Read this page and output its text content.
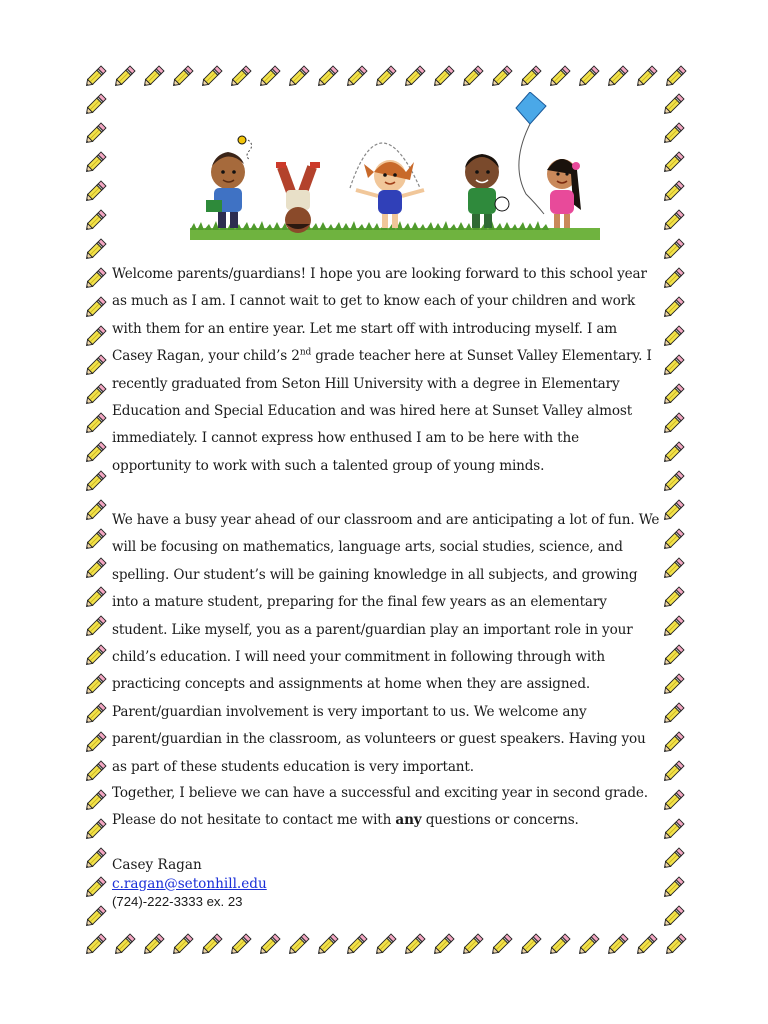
Welcome parents/guardians! I hope you are looking forward to this school year as much as I am. I cannot wait to get to know each of your children and work with them for an entire year. Let me start off with introducing myself. I am Casey Ragan, your child’s 2nd grade teacher here at Sunset Valley Elementary. I recently graduated from Seton Hill University with a degree in Elementary Education and Special Education and was hired here at Sunset Valley almost immediately. I cannot express how enthused I am to be here with the opportunity to work with such a talented group of young minds.
We have a busy year ahead of our classroom and are anticipating a lot of fun. We will be focusing on mathematics, language arts, social studies, science, and spelling. Our student’s will be gaining knowledge in all subjects, and growing into a mature student, preparing for the final few years as an elementary student. Like myself, you as a parent/guardian play an important role in your child’s education. I will need your commitment in following through with practicing concepts and assignments at home when they are assigned. Parent/guardian involvement is very important to us. We welcome any parent/guardian in the classroom, as volunteers or guest speakers. Having you as part of these students education is very important.
Together, I believe we can have a successful and exciting year in second grade. Please do not hesitate to contact me with any questions or concerns.
Casey Ragan
c.ragan@setonhill.edu
(724)-222-3333 ex. 23
